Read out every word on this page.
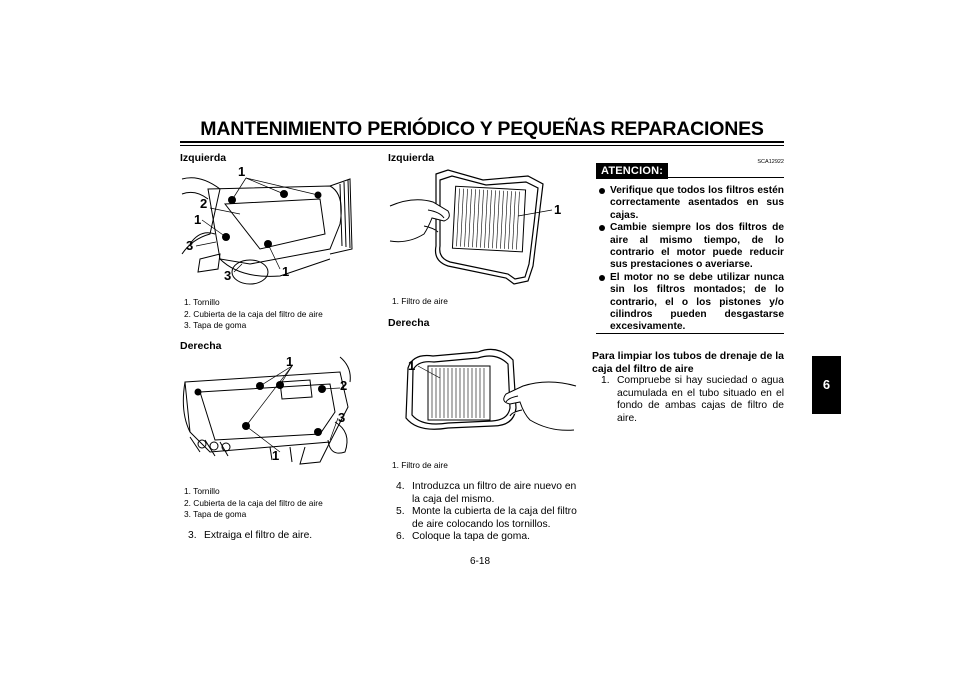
MANTENIMIENTO PERIÓDICO Y PEQUEÑAS REPARACIONES
Izquierda
1
2
1
3
3	1
1. Tornillo
2. Cubierta de la caja del filtro de aire
3. Tapa de goma
Derecha
1
2
3
1
1. Tornillo
2. Cubierta de la caja del filtro de aire
3. Tapa de goma
3. Extraiga el filtro de aire.
Izquierda
1
1. Filtro de aire
Derecha
1
1. Filtro de aire
4. Introduzca un filtro de aire nuevo en la caja del mismo.
5. Monte la cubierta de la caja del filtro de aire colocando los tornillos.
6. Coloque la tapa de goma.
ATENCION:
SCA12922
Verifique que todos los filtros estén correctamente asentados en sus cajas.
Cambie siempre los dos filtros de aire al mismo tiempo, de lo contrario el motor puede reducir sus prestaciones o averiarse.
El motor no se debe utilizar nunca sin los filtros montados; de lo contrario, el o los pistones y/o cilindros pueden desgastarse excesivamente.
Para limpiar los tubos de drenaje de la caja del filtro de aire
1. Compruebe si hay suciedad o agua acumulada en el tubo situado en el fondo de ambas cajas de filtro de aire.
6
6-18
